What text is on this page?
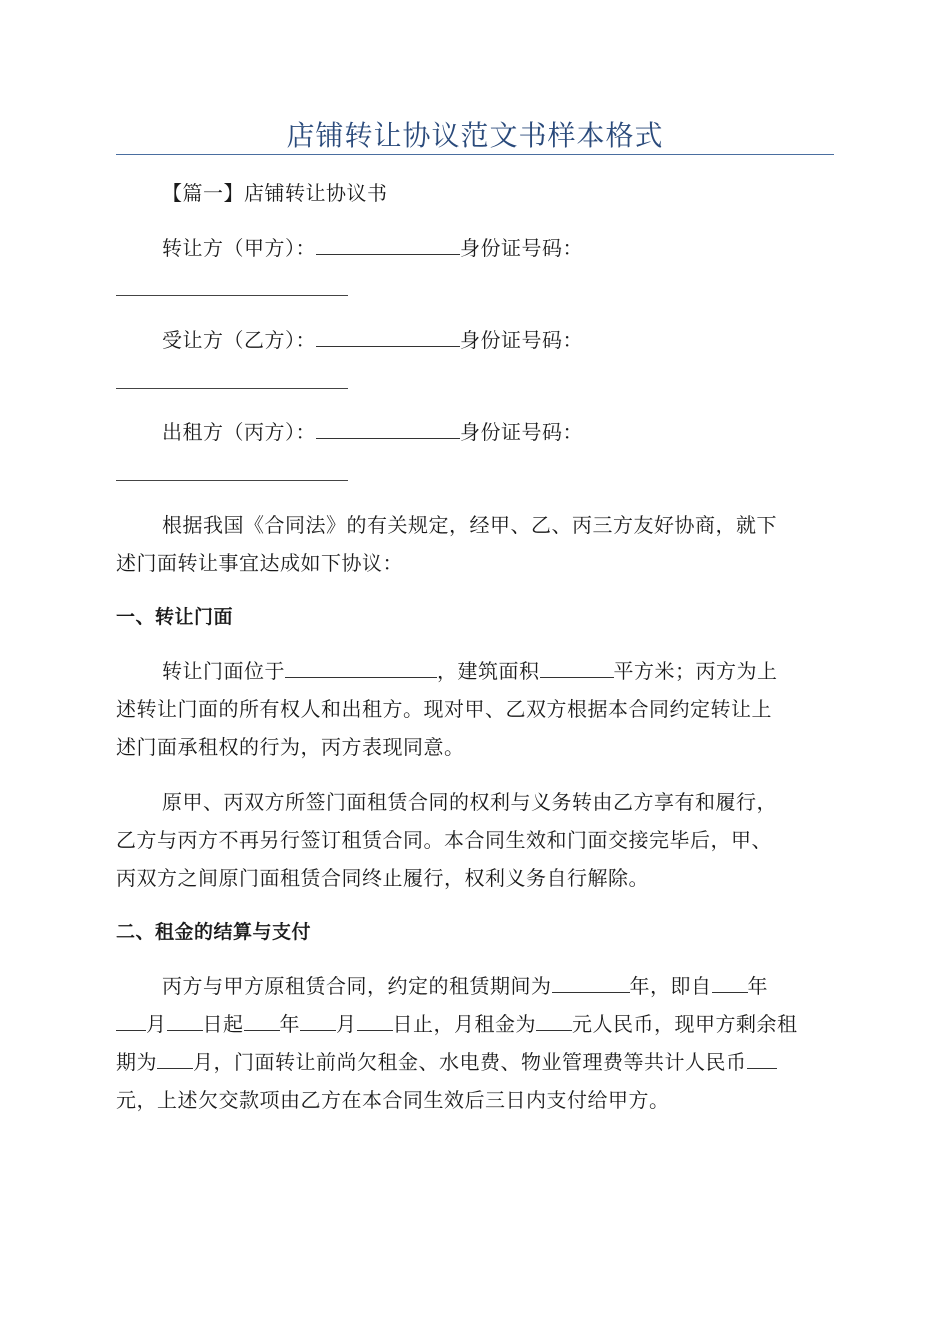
店铺转让协议范文书样本格式
【篇一】店铺转让协议书
转让方（甲方）：	身份证号码：
受让方（乙方）：	身份证号码：
出租方（丙方）：	身份证号码：
根据我国《合同法》的有关规定，经甲、乙、丙三方友好协商，就下
述门面转让事宜达成如下协议：
一、转让门面
转让门面位于	，建筑面积	平方米；丙方为上
述转让门面的所有权人和出租方。现对甲、乙双方根据本合同约定转让上
述门面承租权的行为，丙方表现同意。
原甲、丙双方所签门面租赁合同的权利与义务转由乙方享有和履行，
乙方与丙方不再另行签订租赁合同。本合同生效和门面交接完毕后，甲、
丙双方之间原门面租赁合同终止履行，权利义务自行解除。
二、租金的结算与支付
丙方与甲方原租赁合同，约定的租赁期间为	年，即自 年
月 日起 年 月 日止，月租金为 元人民币，现甲方剩余租
期为 月，门面转让前尚欠租金、水电费、物业管理费等共计人民币
元，上述欠交款项由乙方在本合同生效后三日内支付给甲方。
